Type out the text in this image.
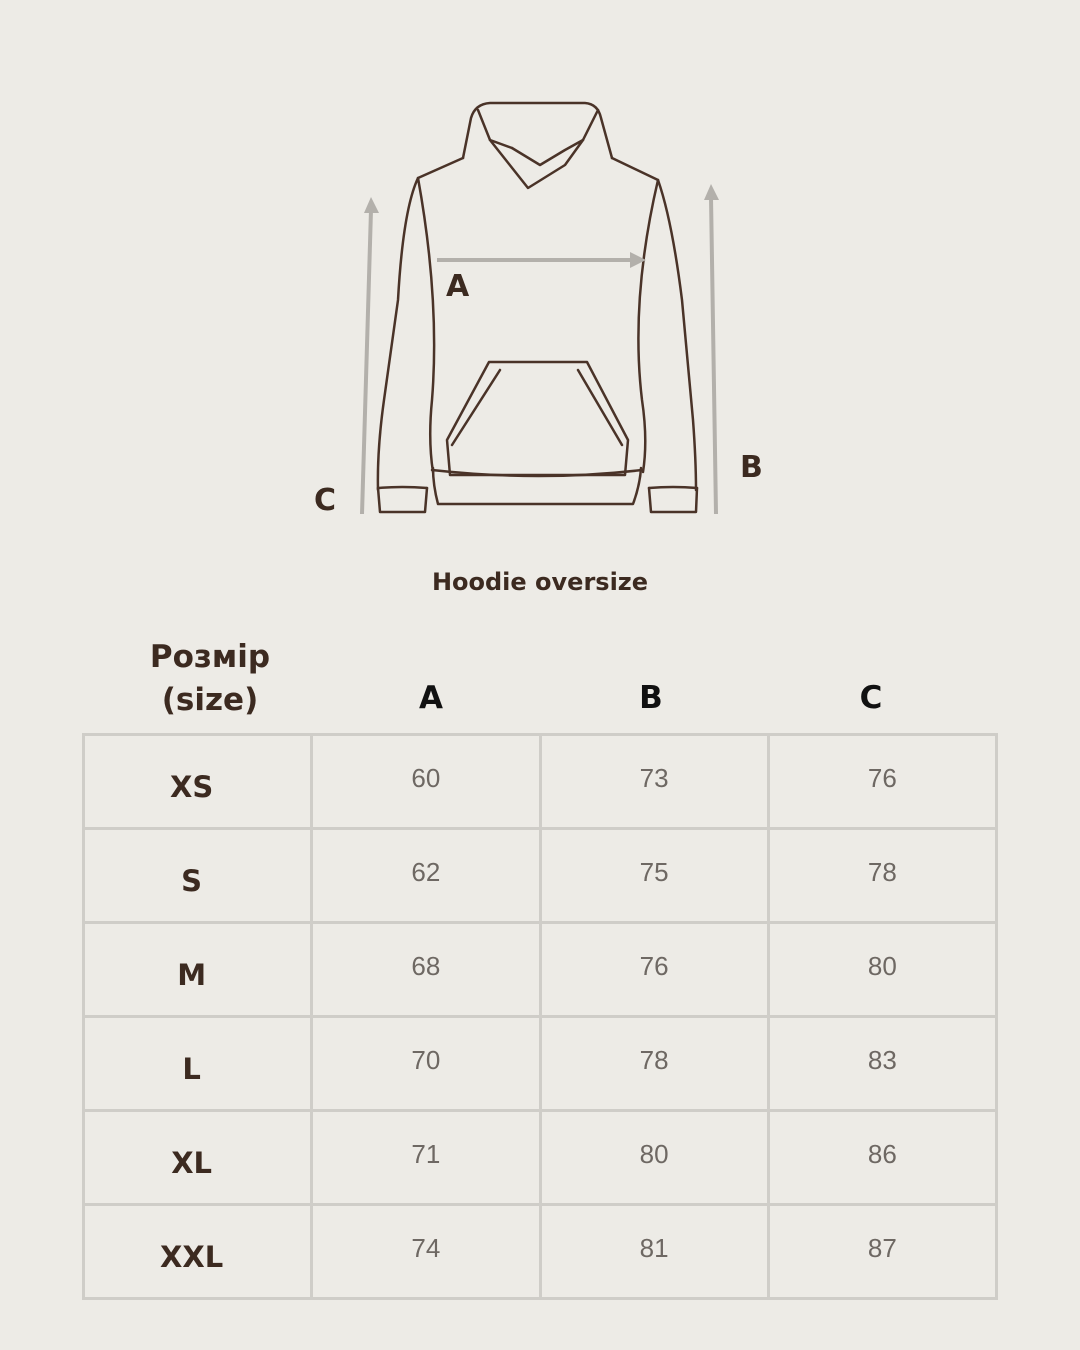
A
B
C
Hoodie oversize
Розмір
(size)	A	B	C
XS	60	73	76
S	62	75	78
M	68	76	80
L	70	78	83
XL	71	80	86
XXL	74	81	87
